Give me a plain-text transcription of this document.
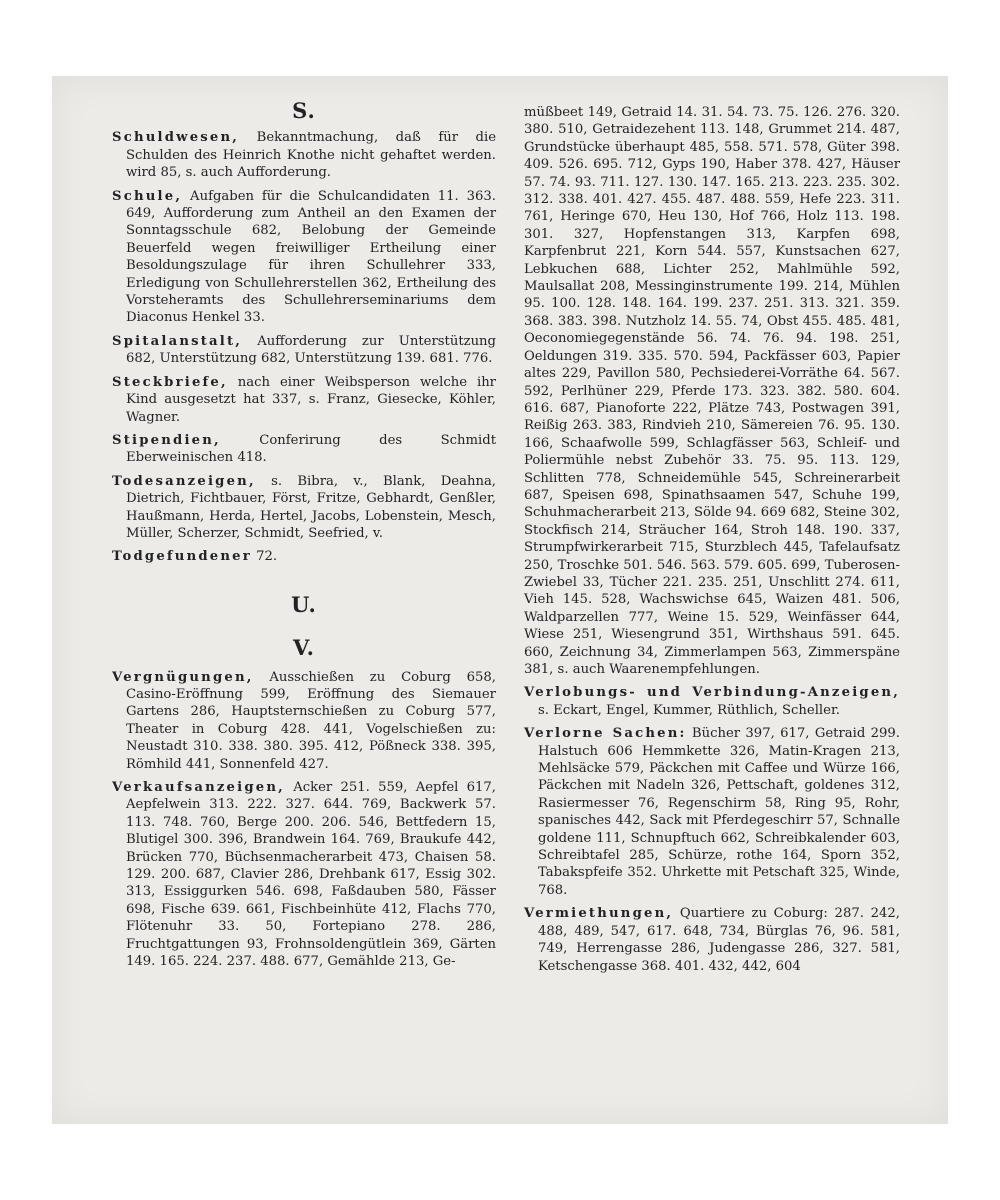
S.
Schuldwesen, Bekanntmachung, daß für die Schulden des Heinrich Knothe nicht gehaftet werden. wird 85, s. auch Aufforderung.
Schule, Aufgaben für die Schulcandidaten 11. 363. 649, Aufforderung zum Antheil an den Examen der Sonntagsschule 682, Belobung der Gemeinde Beuerfeld wegen freiwilliger Ertheilung einer Besoldungszulage für ihren Schullehrer 333, Erledigung von Schullehrerstellen 362, Ertheilung des Vorsteheramts des Schullehrerseminariums dem Diaconus Henkel 33.
Spitalanstalt, Aufforderung zur Unterstützung 682, Unterstützung 682, Unterstützung 139. 681. 776.
Steckbriefe, nach einer Weibsperson welche ihr Kind ausgesetzt hat 337, s. Franz, Giesecke, Köhler, Wagner.
Stipendien, Conferirung des Schmidt Eberweinischen 418.
Todesanzeigen, s. Bibra, v., Blank, Deahna, Dietrich, Fichtbauer, Först, Fritze, Gebhardt, Genßler, Haußmann, Herda, Hertel, Jacobs, Lobenstein, Mesch, Müller, Scherzer, Schmidt, Seefried, v.
Todgefundener 72.
U.
V.
Vergnügungen, Ausschießen zu Coburg 658, Casino-Eröffnung 599, Eröffnung des Siemauer Gartens 286, Hauptsternschießen zu Coburg 577, Theater in Coburg 428. 441, Vogelschießen zu: Neustadt 310. 338. 380. 395. 412, Pößneck 338. 395, Römhild 441, Sonnenfeld 427.
Verkaufsanzeigen, Acker 251. 559, Aepfel 617, Aepfelwein 313. 222. 327. 644. 769, Backwerk 57. 113. 748. 760, Berge 200. 206. 546, Bettfedern 15, Blutigel 300. 396, Brandwein 164. 769, Braukufe 442, Brücken 770, Büchsenmacherarbeit 473, Chaisen 58. 129. 200. 687, Clavier 286, Drehbank 617, Essig 302. 313, Essiggurken 546. 698, Faßdauben 580, Fässer 698, Fische 639. 661, Fischbeinhüte 412, Flachs 770, Flötenuhr 33. 50, Fortepiano 278. 286, Fruchtgattungen 93, Frohnsoldengütlein 369, Gärten 149. 165. 224. 237. 488. 677, Gemählde 213, Ge-
müßbeet 149, Getraid 14. 31. 54. 73. 75. 126. 276. 320. 380. 510, Getraidezehent 113. 148, Grummet 214. 487, Grundstücke überhaupt 485, 558. 571. 578, Güter 398. 409. 526. 695. 712, Gyps 190, Haber 378. 427, Häuser 57. 74. 93. 711. 127. 130. 147. 165. 213. 223. 235. 302. 312. 338. 401. 427. 455. 487. 488. 559, Hefe 223. 311. 761, Heringe 670, Heu 130, Hof 766, Holz 113. 198. 301. 327, Hopfenstangen 313, Karpfen 698, Karpfenbrut 221, Korn 544. 557, Kunstsachen 627, Lebkuchen 688, Lichter 252, Mahlmühle 592, Maulsallat 208, Messinginstrumente 199. 214, Mühlen 95. 100. 128. 148. 164. 199. 237. 251. 313. 321. 359. 368. 383. 398. Nutzholz 14. 55. 74, Obst 455. 485. 481, Oeconomiegegenstände 56. 74. 76. 94. 198. 251, Oeldungen 319. 335. 570. 594, Packfässer 603, Papier altes 229, Pavillon 580, Pechsiederei-Vorräthe 64. 567. 592, Perlhüner 229, Pferde 173. 323. 382. 580. 604. 616. 687, Pianoforte 222, Plätze 743, Postwagen 391, Reißig 263. 383, Rindvieh 210, Sämereien 76. 95. 130. 166, Schaafwolle 599, Schlagfässer 563, Schleif- und Poliermühle nebst Zubehör 33. 75. 95. 113. 129, Schlitten 778, Schneidemühle 545, Schreinerarbeit 687, Speisen 698, Spinathsaamen 547, Schuhe 199, Schuhmacherarbeit 213, Sölde 94. 669 682, Steine 302, Stockfisch 214, Sträucher 164, Stroh 148. 190. 337, Strumpfwirkerarbeit 715, Sturzblech 445, Tafelaufsatz 250, Troschke 501. 546. 563. 579. 605. 699, Tuberosen-Zwiebel 33, Tücher 221. 235. 251, Unschlitt 274. 611, Vieh 145. 528, Wachswichse 645, Waizen 481. 506, Waldparzellen 777, Weine 15. 529, Weinfässer 644, Wiese 251, Wiesengrund 351, Wirthshaus 591. 645. 660, Zeichnung 34, Zimmerlampen 563, Zimmerspäne 381, s. auch Waarenempfehlungen.
Verlobungs- und Verbindung-Anzeigen, s. Eckart, Engel, Kummer, Rüthlich, Scheller.
Verlorne Sachen: Bücher 397, 617, Getraid 299. Halstuch 606 Hemmkette 326, Matin-Kragen 213, Mehlsäcke 579, Päckchen mit Caffee und Würze 166, Päckchen mit Nadeln 326, Pettschaft, goldenes 312, Rasiermesser 76, Regenschirm 58, Ring 95, Rohr, spanisches 442, Sack mit Pferdegeschirr 57, Schnalle goldene 111, Schnupftuch 662, Schreibkalender 603, Schreibtafel 285, Schürze, rothe 164, Sporn 352, Tabakspfeife 352. Uhrkette mit Petschaft 325, Winde, 768.
Vermiethungen, Quartiere zu Coburg: 287. 242, 488, 489, 547, 617. 648, 734, Bürglas 76, 96. 581, 749, Herrengasse 286, Judengasse 286, 327. 581, Ketschengasse 368. 401. 432, 442, 604
